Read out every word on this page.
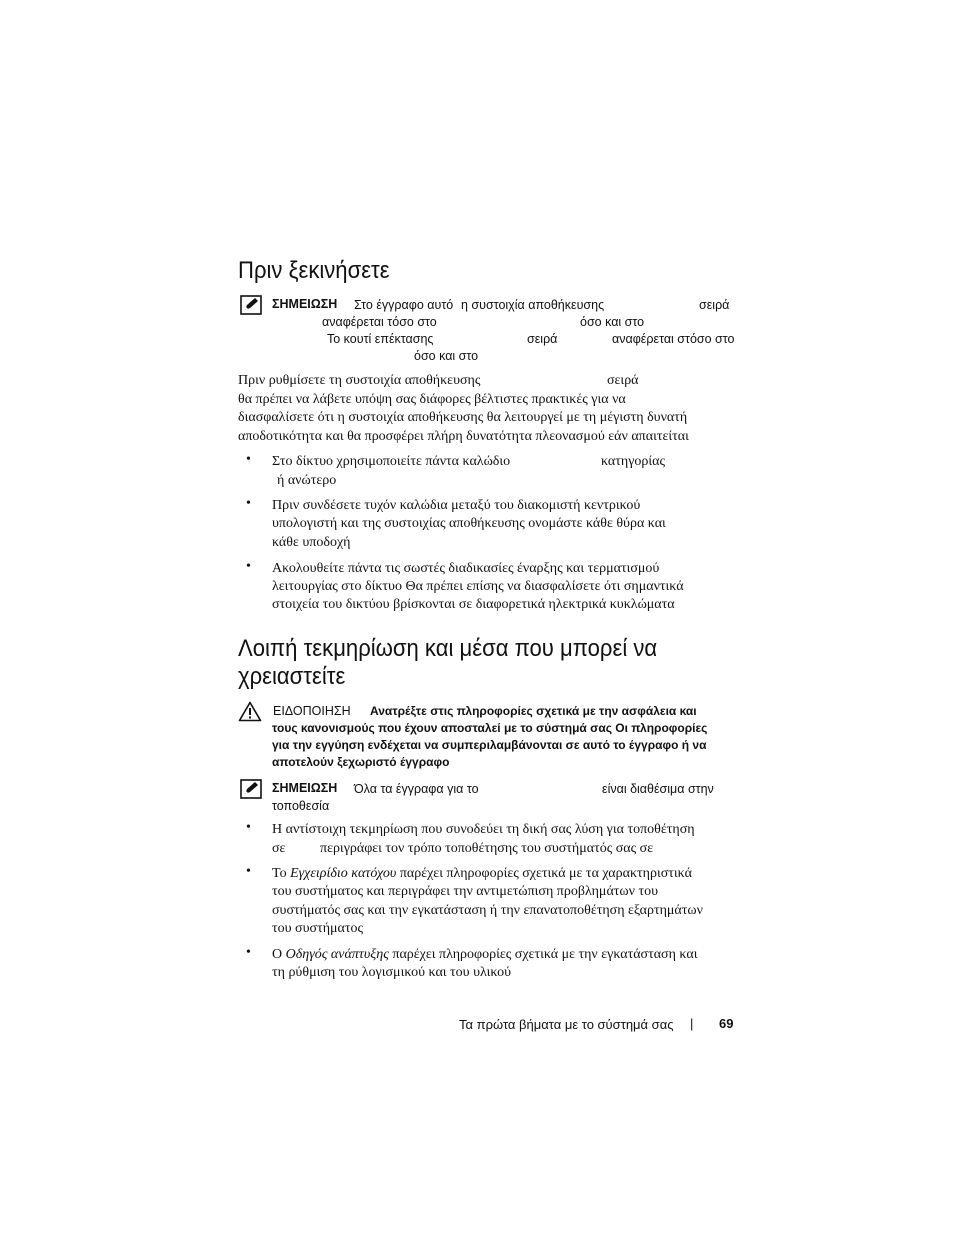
Πριν ξεκινήσετε
ΣΗΜΕΙΩΣΗ Στο έγγραφο αυτό η συστοιχία αποθήκευσης	σειρά
αναφέρεται τόσο στο	όσο και στο
Το κουτί επέκτασης	σειρά	αναφέρεται στόσο στο
όσο και στο
Πριν ρυθμίσετε τη συστοιχία αποθήκευσης	σειρά
θα πρέπει να λάβετε υπόψη σας διάφορες βέλτιστες πρακτικές για να
διασφαλίσετε ότι η συστοιχία αποθήκευσης θα λειτουργεί με τη μέγιστη δυνατή
αποδοτικότητα και θα προσφέρει πλήρη δυνατότητα πλεονασμού εάν απαιτείται
• Στο δίκτυο χρησιμοποιείτε πάντα καλώδιο	κατηγορίας
ή ανώτερο
• Πριν συνδέσετε τυχόν καλώδια μεταξύ του διακομιστή κεντρικού
υπολογιστή και της συστοιχίας αποθήκευσης ονομάστε κάθε θύρα και
κάθε υποδοχή
• Ακολουθείτε πάντα τις σωστές διαδικασίες έναρξης και τερματισμού
λειτουργίας στο δίκτυο Θα πρέπει επίσης να διασφαλίσετε ότι σημαντικά
στοιχεία του δικτύου βρίσκονται σε διαφορετικά ηλεκτρικά κυκλώματα
Λοιπή τεκμηρίωση και μέσα που μπορεί να
χρειαστείτε
ΕΙΔΟΠΟΙΗΣΗ Ανατρέξτε στις πληροφορίες σχετικά με την ασφάλεια και
τους κανονισμούς που έχουν αποσταλεί με το σύστημά σας Οι πληροφορίες
για την εγγύηση ενδέχεται να συμπεριλαμβάνονται σε αυτό το έγγραφο ή να
αποτελούν ξεχωριστό έγγραφο
ΣΗΜΕΙΩΣΗ Όλα τα έγγραφα για το	είναι διαθέσιμα στην
τοποθεσία
• Η αντίστοιχη τεκμηρίωση που συνοδεύει τη δική σας λύση για τοποθέτηση
σε περιγράφει τον τρόπο τοποθέτησης του συστήματός σας σε
• Το Εγχειρίδιο κατόχου παρέχει πληροφορίες σχετικά με τα χαρακτηριστικά
του συστήματος και περιγράφει την αντιμετώπιση προβλημάτων του
συστήματός σας και την εγκατάσταση ή την επανατοποθέτηση εξαρτημάτων
του συστήματος
• Ο Οδηγός ανάπτυξης παρέχει πληροφορίες σχετικά με την εγκατάσταση και
τη ρύθμιση του λογισμικού και του υλικού
Τα πρώτα βήματα με το σύστημά σας | 69
